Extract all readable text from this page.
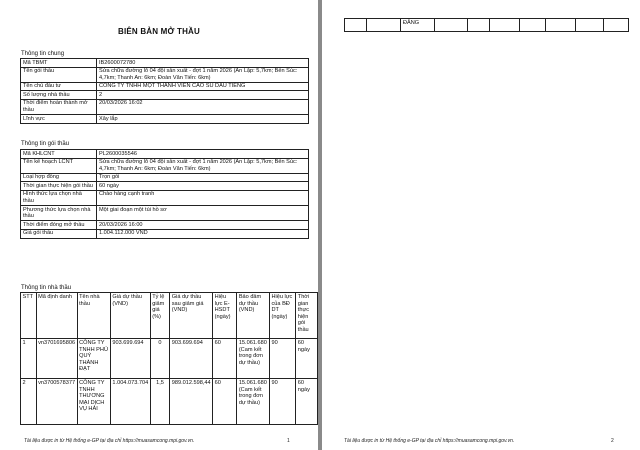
BIÊN BẢN MỞ THẦU
Thông tin chung
Mã TBMT	IB2600072780
Tên gói thầu	Sửa chữa đường lô 04 đội sản xuất - đợt 1 năm 2026 (An Lập: 5,7km; Bến Súc: 4,7km; Thanh An: 6km; Đoàn Văn Tiến: 6km)
Tên chủ đầu tư	CÔNG TY TNHH MỘT THÀNH VIÊN CAO SU DẦU TIẾNG
Số lượng nhà thầu	2
Thời điểm hoàn thành mở thầu	20/03/2026 16:02
Lĩnh vực	Xây lắp
Thông tin gói thầu
Mã KHLCNT	PL2600035546
Tên kế hoạch LCNT	Sửa chữa đường lô 04 đội sản xuất - đợt 1 năm 2026 (An Lập: 5,7km; Bến Súc: 4,7km; Thanh An: 6km; Đoàn Văn Tiến: 6km)
Loại hợp đồng	Trọn gói
Thời gian thực hiện gói thầu	60 ngày
Hình thức lựa chọn nhà thầu	Chào hàng cạnh tranh
Phương thức lựa chọn nhà thầu	Một giai đoạn một túi hồ sơ
Thời điểm đóng mở thầu	20/03/2026 16:00
Giá gói thầu	1.004.112.000 VND
Thông tin nhà thầu
STT	Mã định danh	Tên nhà thầu	Giá dự thầu (VND)	Tỷ lệ giảm giá (%)	Giá dự thầu sau giảm giá (VND)	Hiệu lực E-HSDT (ngày)	Bảo đảm dự thầu (VND)	Hiệu lực của BĐ DT (ngày)	Thời gian thực hiện gói thầu
1	vn3701695806	CÔNG TY TNHH PHÚ QUÝ THÀNH ĐẠT	903.699.694	0	903.699.694	60	15.061.680 (Cam kết trong đơn dự thầu)	90	60 ngày
2	vn3700578377	CÔNG TY TNHH THƯƠNG MẠI DỊCH VỤ HẢI	1.004.073.704	1,5	989.012.598,44	60	15.061.680 (Cam kết trong đơn dự thầu)	90	60 ngày
Tài liệu được in từ Hệ thống e-GP tại địa chỉ https://muasamcong.mpi.gov.vn.	1
		ĐĂNG							
Tài liệu được in từ Hệ thống e-GP tại địa chỉ https://muasamcong.mpi.gov.vn.	2
